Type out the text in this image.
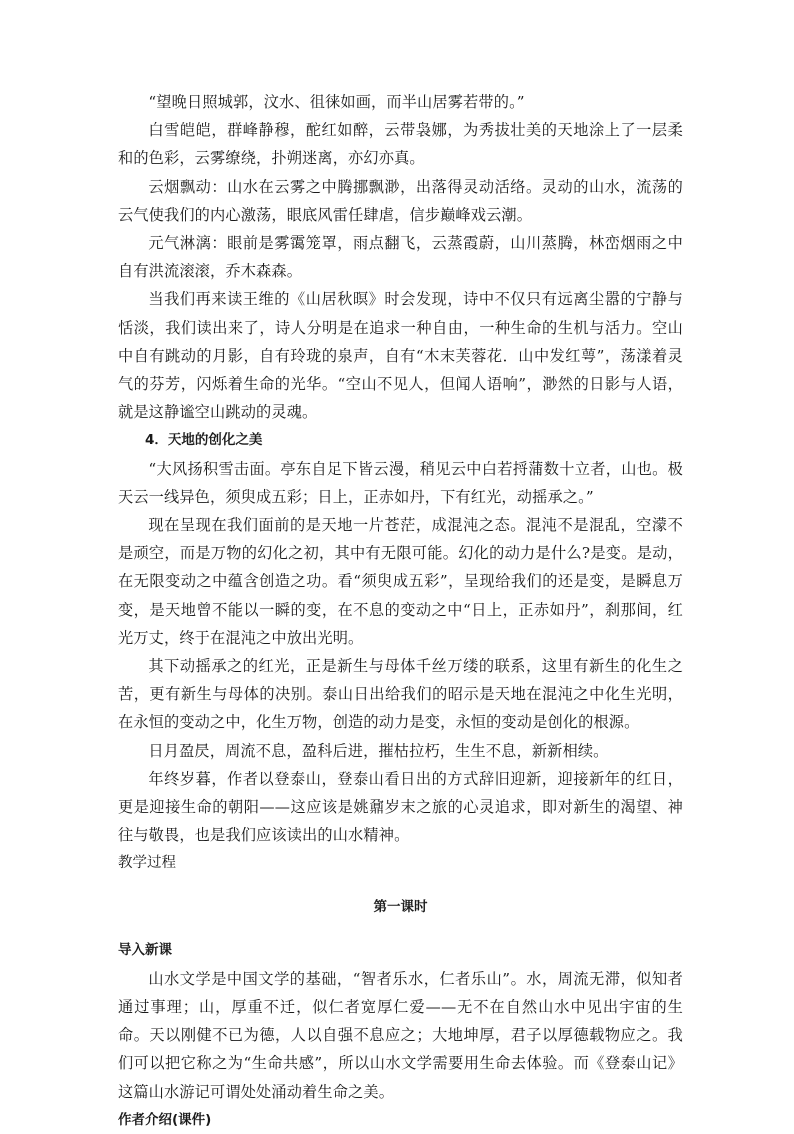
“望晚日照城郭，汶水、徂徕如画，而半山居雾若带的。”

白雪皑皑，群峰静穆，酡红如醉，云带袅娜，为秀拔壮美的天地涂上了一层柔和的色彩，云雾缭绕，扑朔迷离，亦幻亦真。

云烟飘动：山水在云雾之中腾挪飘渺，出落得灵动活络。灵动的山水，流荡的云气使我们的内心激荡，眼底风雷任肆虐，信步巅峰戏云潮。

元气淋漓：眼前是雾霭笼罩，雨点翻飞，云蒸霞蔚，山川蒸腾，林峦烟雨之中自有洪流滚滚，乔木森森。

当我们再来读王维的《山居秋暝》时会发现，诗中不仅只有远离尘嚣的宁静与恬淡，我们读出来了，诗人分明是在追求一种自由，一种生命的生机与活力。空山中自有跳动的月影，自有玲珑的泉声，自有“木末芙蓉花．山中发红萼”，荡漾着灵气的芬芳，闪烁着生命的光华。“空山不见人，但闻人语响”，渺然的日影与人语，就是这静谧空山跳动的灵魂。

4．天地的创化之美

“大风扬积雪击面。亭东自足下皆云漫，稍见云中白若捋蒲数十立者，山也。极天云一线异色，须臾成五彩；日上，正赤如丹，下有红光，动摇承之。”

现在呈现在我们面前的是天地一片苍茫，成混沌之态。混沌不是混乱，空濛不是顽空，而是万物的幻化之初，其中有无限可能。幻化的动力是什么?是变。是动，在无限变动之中蕴含创造之功。看“须臾成五彩”，呈现给我们的还是变，是瞬息万变，是天地曾不能以一瞬的变，在不息的变动之中“日上，正赤如丹”，刹那间，红光万丈，终于在混沌之中放出光明。

其下动摇承之的红光，正是新生与母体千丝万缕的联系，这里有新生的化生之苦，更有新生与母体的决别。泰山日出给我们的昭示是天地在混沌之中化生光明，在永恒的变动之中，化生万物，创造的动力是变，永恒的变动是创化的根源。

日月盈昃，周流不息，盈科后进，摧枯拉朽，生生不息，新新相续。

年终岁暮，作者以登泰山，登泰山看日出的方式辞旧迎新，迎接新年的红日，更是迎接生命的朝阳——这应该是姚鼐岁末之旅的心灵追求，即对新生的渴望、神往与敬畏，也是我们应该读出的山水精神。

教学过程

第一课时

导入新课

山水文学是中国文学的基础，“智者乐水，仁者乐山”。水，周流无滞，似知者通过事理；山，厚重不迁，似仁者宽厚仁爱——无不在自然山水中见出宇宙的生命。天以刚健不已为德，人以自强不息应之；大地坤厚，君子以厚德载物应之。我们可以把它称之为“生命共感”，所以山水文学需要用生命去体验。而《登泰山记》这篇山水游记可谓处处涌动着生命之美。

作者介绍(课件)
